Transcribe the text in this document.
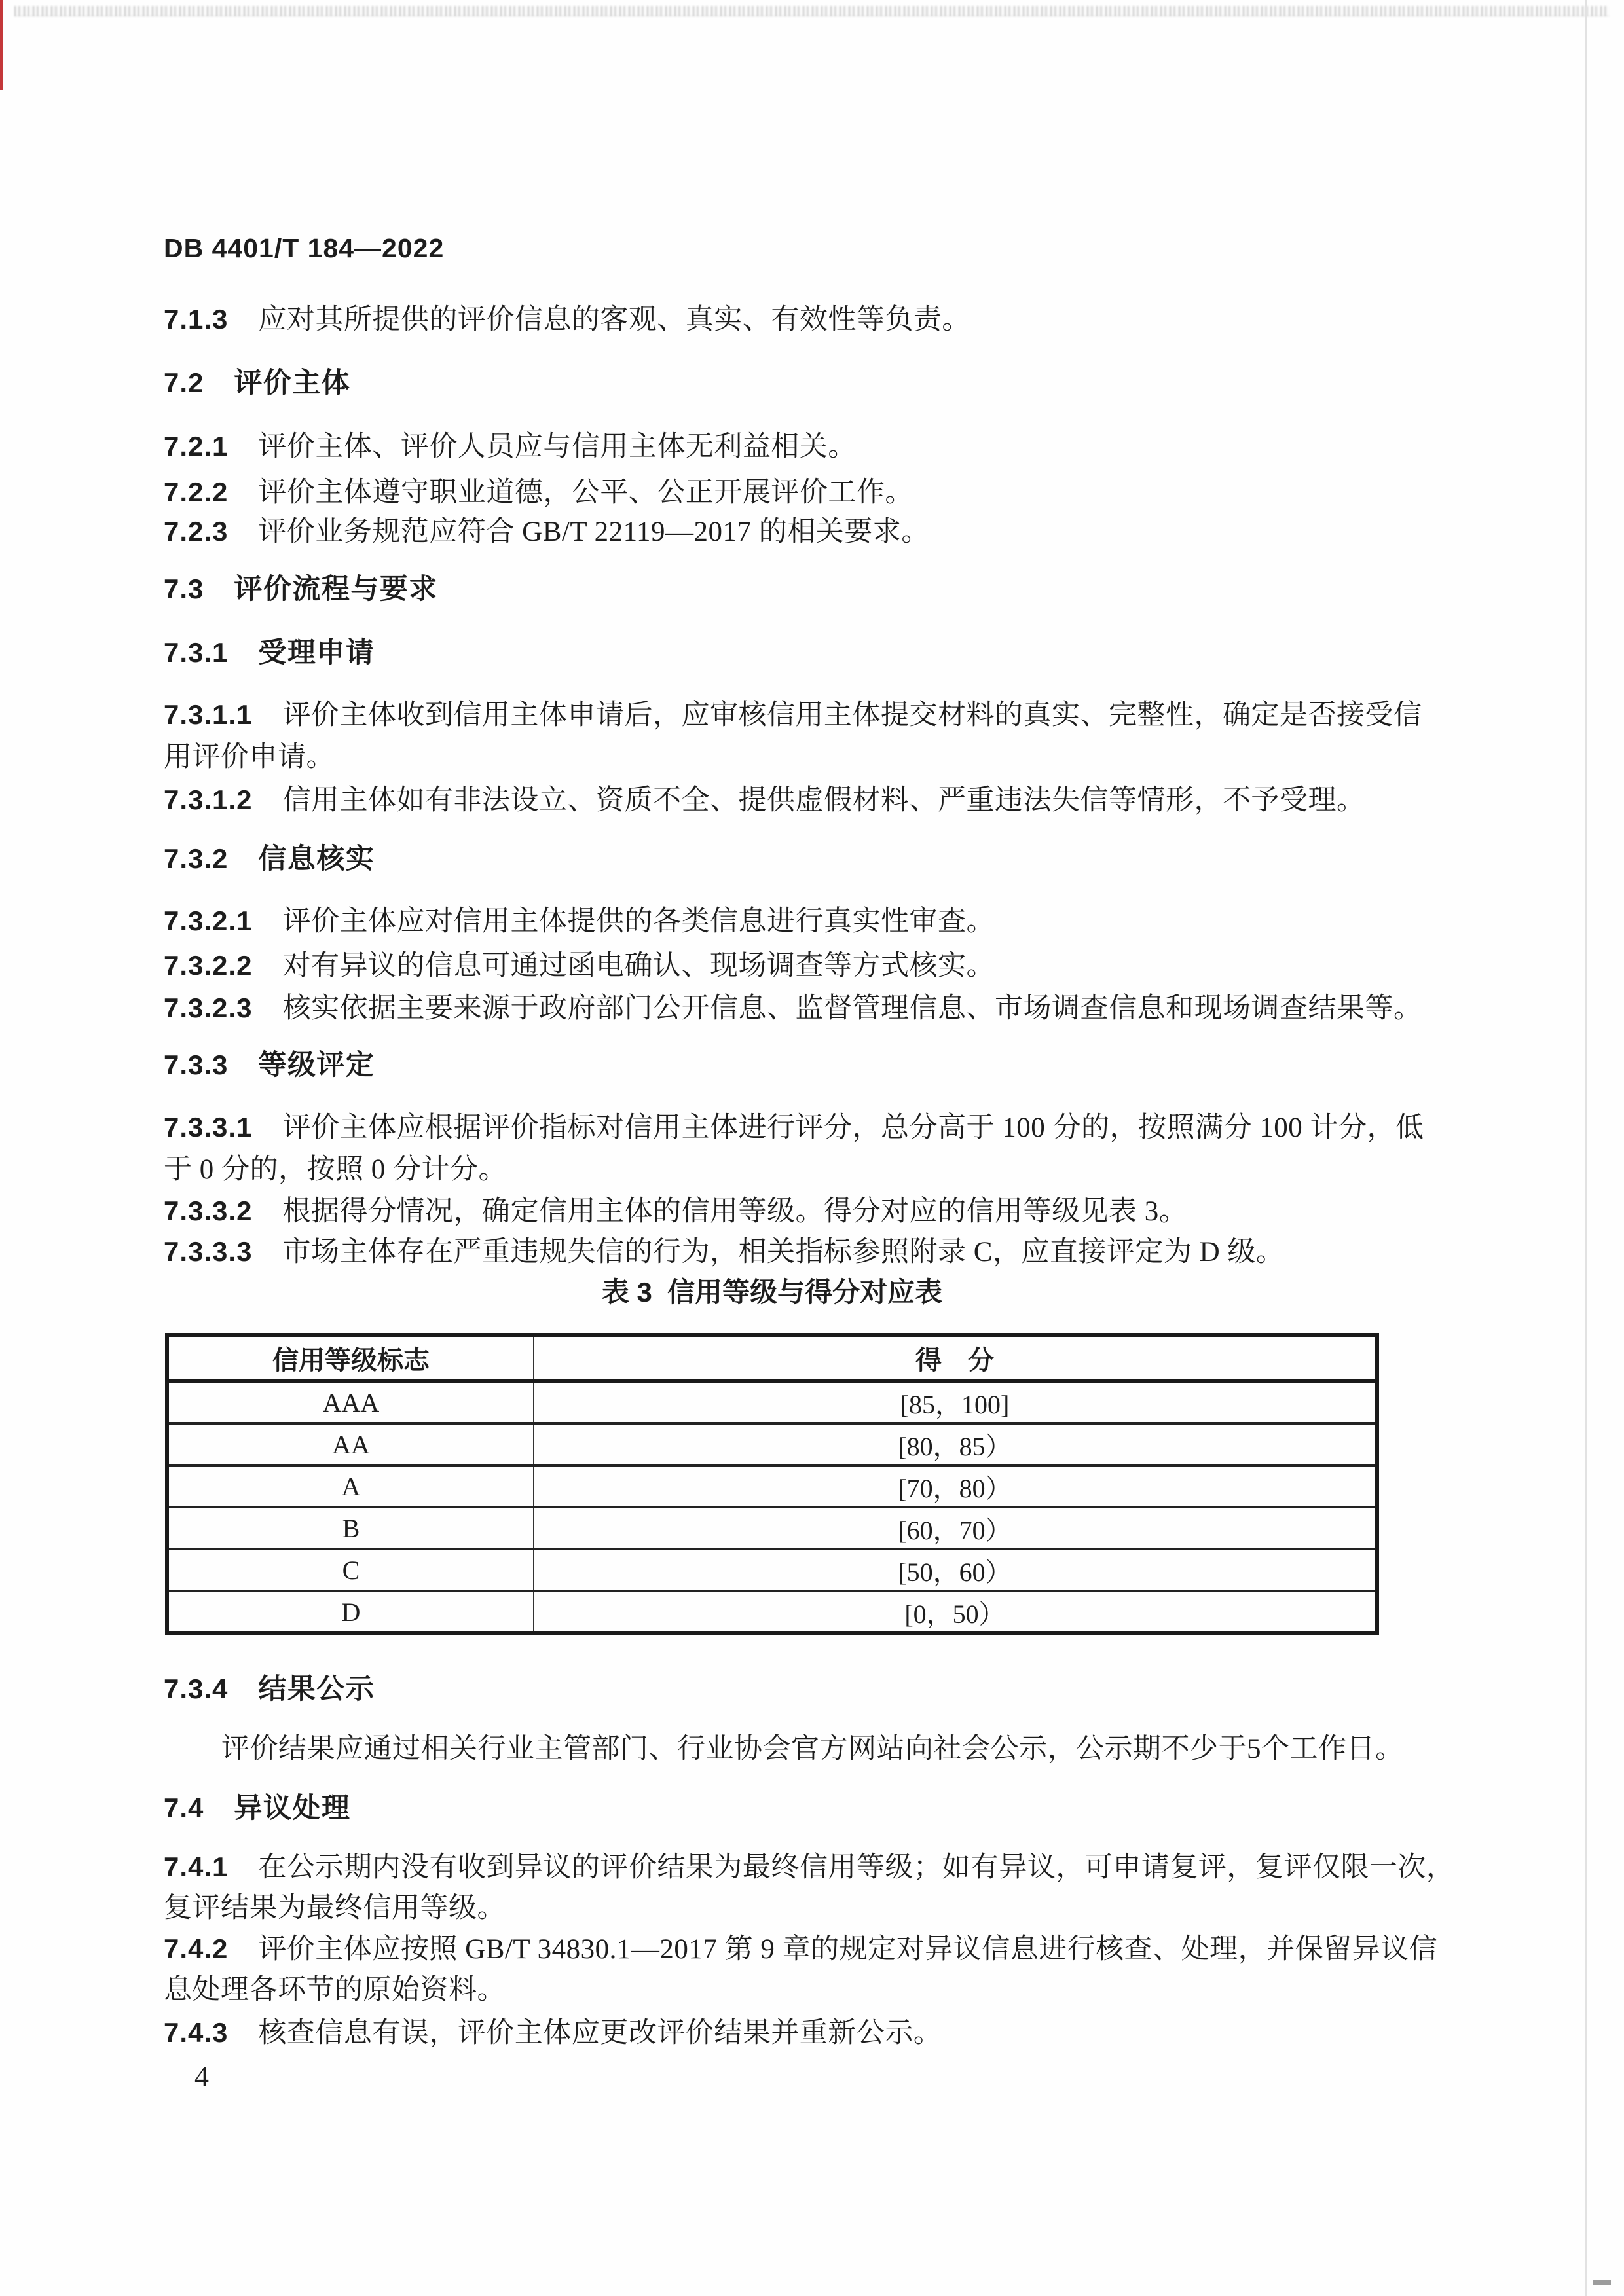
DB 4401/T 184—2022
7.1.3 应对其所提供的评价信息的客观、真实、有效性等负责。
7.2 评价主体
7.2.1 评价主体、评价人员应与信用主体无利益相关。
7.2.2 评价主体遵守职业道德，公平、公正开展评价工作。
7.2.3 评价业务规范应符合 GB/T 22119—2017 的相关要求。
7.3 评价流程与要求
7.3.1 受理申请
7.3.1.1 评价主体收到信用主体申请后，应审核信用主体提交材料的真实、完整性，确定是否接受信
用评价申请。
7.3.1.2 信用主体如有非法设立、资质不全、提供虚假材料、严重违法失信等情形，不予受理。
7.3.2 信息核实
7.3.2.1 评价主体应对信用主体提供的各类信息进行真实性审查。
7.3.2.2 对有异议的信息可通过函电确认、现场调查等方式核实。
7.3.2.3 核实依据主要来源于政府部门公开信息、监督管理信息、市场调查信息和现场调查结果等。
7.3.3 等级评定
7.3.3.1 评价主体应根据评价指标对信用主体进行评分，总分高于 100 分的，按照满分 100 计分，低
于 0 分的，按照 0 分计分。
7.3.3.2 根据得分情况，确定信用主体的信用等级。得分对应的信用等级见表 3。
7.3.3.3 市场主体存在严重违规失信的行为，相关指标参照附录 C，应直接评定为 D 级。
表 3  信用等级与得分对应表
信用等级标志	得　分
AAA	[85，100]
AA	[80，85）
A	[70，80）
B	[60，70）
C	[50，60）
D	[0，50）
7.3.4 结果公示
评价结果应通过相关行业主管部门、行业协会官方网站向社会公示，公示期不少于5个工作日。
7.4 异议处理
7.4.1 在公示期内没有收到异议的评价结果为最终信用等级；如有异议，可申请复评，复评仅限一次，
复评结果为最终信用等级。
7.4.2 评价主体应按照 GB/T 34830.1—2017 第 9 章的规定对异议信息进行核查、处理，并保留异议信
息处理各环节的原始资料。
7.4.3 核查信息有误，评价主体应更改评价结果并重新公示。
4
